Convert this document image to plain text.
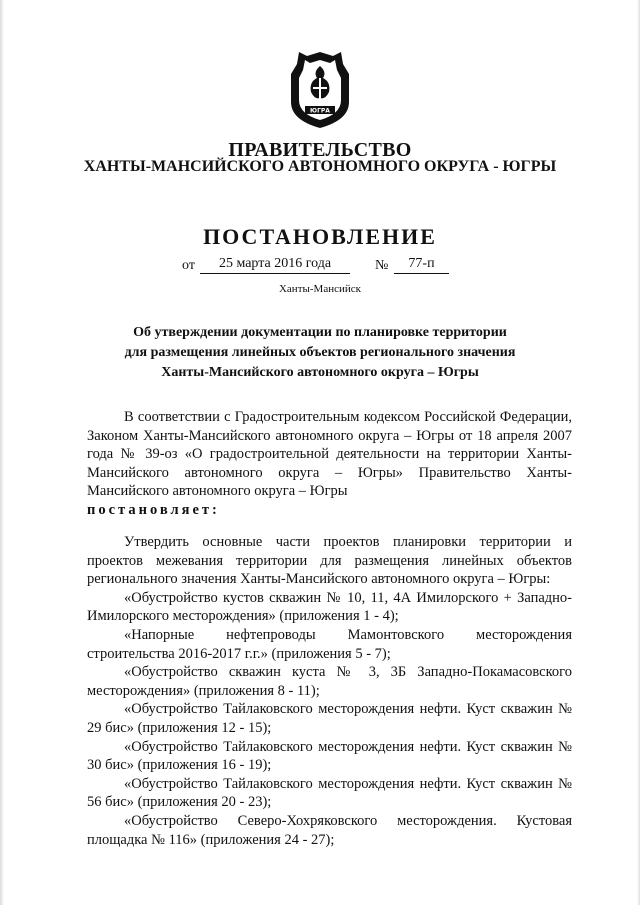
ЮГРА
ПРАВИТЕЛЬСТВО
ХАНТЫ-МАНСИЙСКОГО АВТОНОМНОГО ОКРУГА - ЮГРЫ
ПОСТАНОВЛЕНИЕ
от	25 марта 2016 года	№	77-п
Ханты-Мансийск
Об утверждении документации по планировке территории
для размещения линейных объектов регионального значения
Ханты-Мансийского автономного округа – Югры

В соответствии с Градостроительным кодексом Российской Федерации, Законом Ханты-Мансийского автономного округа – Югры от 18 апреля 2007 года № 39-оз «О градостроительной деятельности на территории Ханты-Мансийского автономного округа – Югры» Правительство Ханты-Мансийского автономного округа – Югры

постановляет:

Утвердить основные части проектов планировки территории и проектов межевания территории для размещения линейных объектов регионального значения Ханты-Мансийского автономного округа – Югры:

«Обустройство кустов скважин № 10, 11, 4А Имилорского + Западно-Имилорского месторождения» (приложения 1 - 4);

«Напорные нефтепроводы Мамонтовского месторождения строительства 2016-2017 г.г.» (приложения 5 - 7);

«Обустройство скважин куста № 3, 3Б Западно-Покамасовского месторождения» (приложения 8 - 11);

«Обустройство Тайлаковского месторождения нефти. Куст скважин № 29 бис» (приложения 12 - 15);

«Обустройство Тайлаковского месторождения нефти. Куст скважин № 30 бис» (приложения 16 - 19);

«Обустройство Тайлаковского месторождения нефти. Куст скважин № 56 бис» (приложения 20 - 23);

«Обустройство Северо-Хохряковского месторождения. Кустовая площадка № 116» (приложения 24 - 27);
